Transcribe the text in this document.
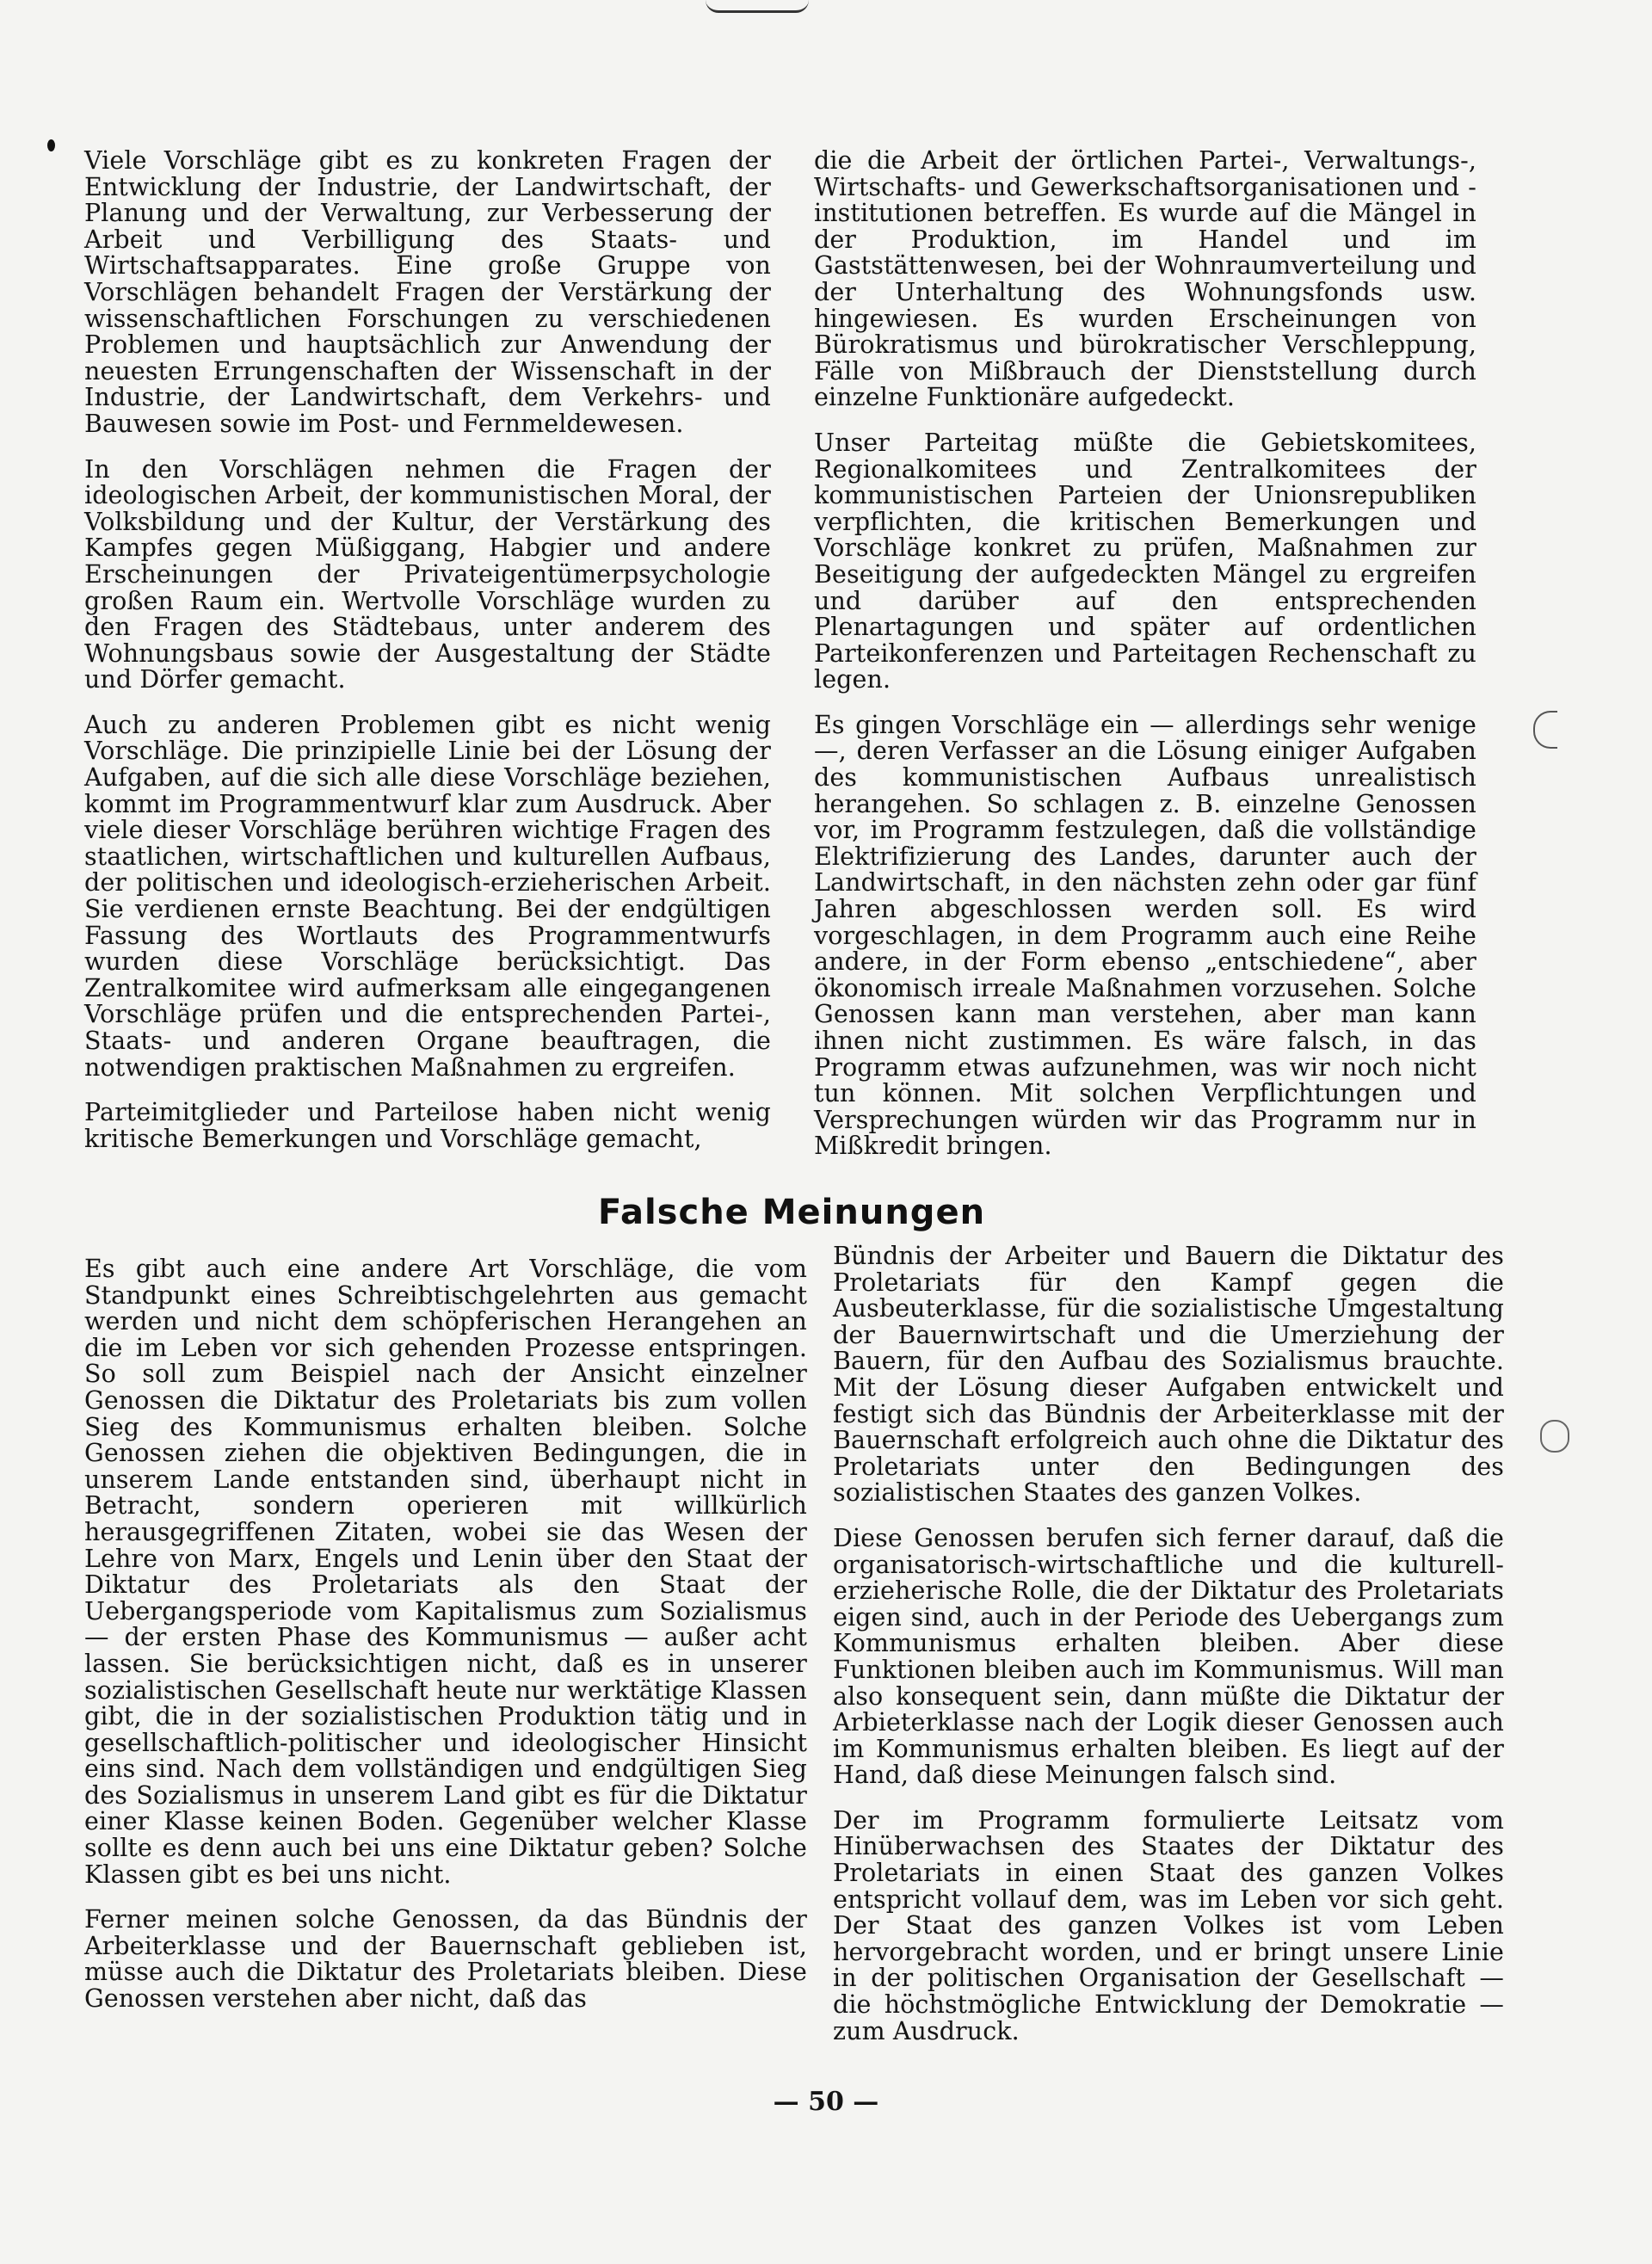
Viele Vorschläge gibt es zu konkreten Fragen der Entwicklung der Industrie, der Landwirtschaft, der Planung und der Verwaltung, zur Verbesserung der Arbeit und Verbilligung des Staats- und Wirtschaftsapparates. Eine große Gruppe von Vorschlägen behandelt Fragen der Verstärkung der wissenschaftlichen Forschungen zu verschiedenen Problemen und hauptsächlich zur Anwendung der neuesten Errungenschaften der Wissenschaft in der Industrie, der Landwirtschaft, dem Verkehrs- und Bauwesen sowie im Post- und Fernmeldewesen.

In den Vorschlägen nehmen die Fragen der ideologischen Arbeit, der kommunistischen Moral, der Volksbildung und der Kultur, der Verstärkung des Kampfes gegen Müßiggang, Habgier und andere Erscheinungen der Privateigentümerpsychologie großen Raum ein. Wertvolle Vorschläge wurden zu den Fragen des Städtebaus, unter anderem des Wohnungsbaus sowie der Ausgestaltung der Städte und Dörfer gemacht.

Auch zu anderen Problemen gibt es nicht wenig Vorschläge. Die prinzipielle Linie bei der Lösung der Aufgaben, auf die sich alle diese Vorschläge beziehen, kommt im Programmentwurf klar zum Ausdruck. Aber viele dieser Vorschläge berühren wichtige Fragen des staatlichen, wirtschaftlichen und kulturellen Aufbaus, der politischen und ideologisch-erzieherischen Arbeit. Sie verdienen ernste Beachtung. Bei der endgültigen Fassung des Wortlauts des Programmentwurfs wurden diese Vorschläge berücksichtigt. Das Zentralkomitee wird aufmerksam alle eingegangenen Vorschläge prüfen und die entsprechenden Partei-, Staats- und anderen Organe beauftragen, die notwendigen praktischen Maßnahmen zu ergreifen.

Parteimitglieder und Parteilose haben nicht wenig kritische Bemerkungen und Vorschläge gemacht,

die die Arbeit der örtlichen Partei-, Verwaltungs-, Wirtschafts- und Gewerkschaftsorganisationen und -institutionen betreffen. Es wurde auf die Mängel in der Produktion, im Handel und im Gaststättenwesen, bei der Wohnraumverteilung und der Unterhaltung des Wohnungsfonds usw. hingewiesen. Es wurden Erscheinungen von Bürokratismus und bürokratischer Verschleppung, Fälle von Mißbrauch der Dienststellung durch einzelne Funktionäre aufgedeckt.

Unser Parteitag müßte die Gebietskomitees, Regionalkomitees und Zentralkomitees der kommunistischen Parteien der Unionsrepubliken verpflichten, die kritischen Bemerkungen und Vorschläge konkret zu prüfen, Maßnahmen zur Beseitigung der aufgedeckten Mängel zu ergreifen und darüber auf den entsprechenden Plenartagungen und später auf ordentlichen Parteikonferenzen und Parteitagen Rechenschaft zu legen.

Es gingen Vorschläge ein — allerdings sehr wenige —, deren Verfasser an die Lösung einiger Aufgaben des kommunistischen Aufbaus unrealistisch herangehen. So schlagen z. B. einzelne Genossen vor, im Programm festzulegen, daß die vollständige Elektrifizierung des Landes, darunter auch der Landwirtschaft, in den nächsten zehn oder gar fünf Jahren abgeschlossen werden soll. Es wird vorgeschlagen, in dem Programm auch eine Reihe andere, in der Form ebenso „entschiedene“, aber ökonomisch irreale Maßnahmen vorzusehen. Solche Genossen kann man verstehen, aber man kann ihnen nicht zustimmen. Es wäre falsch, in das Programm etwas aufzunehmen, was wir noch nicht tun können. Mit solchen Verpflichtungen und Versprechungen würden wir das Programm nur in Mißkredit bringen.

Falsche Meinungen

Es gibt auch eine andere Art Vorschläge, die vom Standpunkt eines Schreibtischgelehrten aus gemacht werden und nicht dem schöpferischen Herangehen an die im Leben vor sich gehenden Prozesse entspringen. So soll zum Beispiel nach der Ansicht einzelner Genossen die Diktatur des Proletariats bis zum vollen Sieg des Kommunismus erhalten bleiben. Solche Genossen ziehen die objektiven Bedingungen, die in unserem Lande entstanden sind, überhaupt nicht in Betracht, sondern operieren mit willkürlich herausgegriffenen Zitaten, wobei sie das Wesen der Lehre von Marx, Engels und Lenin über den Staat der Diktatur des Proletariats als den Staat der Uebergangsperiode vom Kapitalismus zum Sozialismus — der ersten Phase des Kommunismus — außer acht lassen. Sie berücksichtigen nicht, daß es in unserer sozialistischen Gesellschaft heute nur werktätige Klassen gibt, die in der sozialistischen Produktion tätig und in gesellschaftlich-politischer und ideologischer Hinsicht eins sind. Nach dem vollständigen und endgültigen Sieg des Sozialismus in unserem Land gibt es für die Diktatur einer Klasse keinen Boden. Gegenüber welcher Klasse sollte es denn auch bei uns eine Diktatur geben? Solche Klassen gibt es bei uns nicht.

Ferner meinen solche Genossen, da das Bündnis der Arbeiterklasse und der Bauernschaft geblieben ist, müsse auch die Diktatur des Proletariats bleiben. Diese Genossen verstehen aber nicht, daß das

Bündnis der Arbeiter und Bauern die Diktatur des Proletariats für den Kampf gegen die Ausbeuterklasse, für die sozialistische Umgestaltung der Bauernwirtschaft und die Umerziehung der Bauern, für den Aufbau des Sozialismus brauchte. Mit der Lösung dieser Aufgaben entwickelt und festigt sich das Bündnis der Arbeiterklasse mit der Bauernschaft erfolgreich auch ohne die Diktatur des Proletariats unter den Bedingungen des sozialistischen Staates des ganzen Volkes.

Diese Genossen berufen sich ferner darauf, daß die organisatorisch-wirtschaftliche und die kulturell-erzieherische Rolle, die der Diktatur des Proletariats eigen sind, auch in der Periode des Uebergangs zum Kommunismus erhalten bleiben. Aber diese Funktionen bleiben auch im Kommunismus. Will man also konsequent sein, dann müßte die Diktatur der Arbieterklasse nach der Logik dieser Genossen auch im Kommunismus erhalten bleiben. Es liegt auf der Hand, daß diese Meinungen falsch sind.

Der im Programm formulierte Leitsatz vom Hinüberwachsen des Staates der Diktatur des Proletariats in einen Staat des ganzen Volkes entspricht vollauf dem, was im Leben vor sich geht. Der Staat des ganzen Volkes ist vom Leben hervorgebracht worden, und er bringt unsere Linie in der politischen Organisation der Gesellschaft — die höchstmögliche Entwicklung der Demokratie — zum Ausdruck.

— 50 —
